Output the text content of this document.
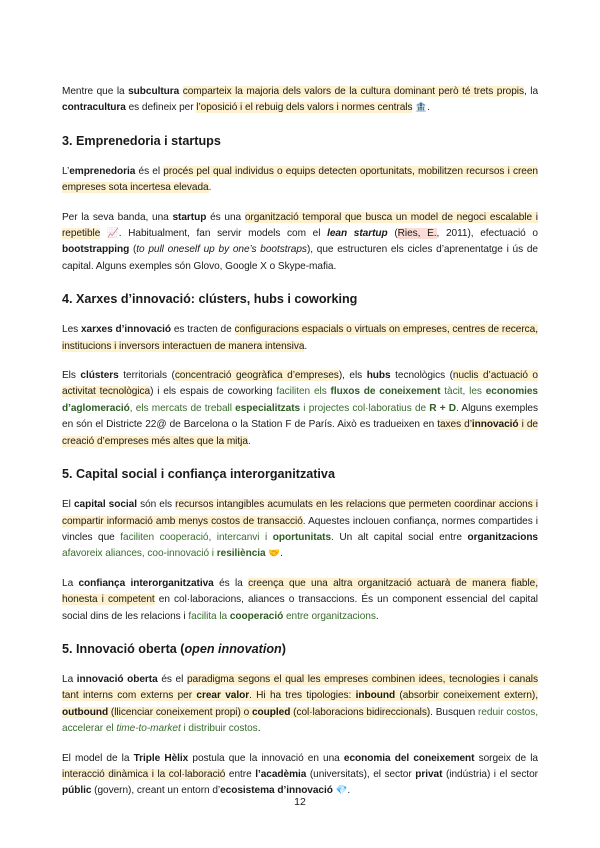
Mentre que la subcultura comparteix la majoria dels valors de la cultura dominant però té trets propis, la contracultura es defineix per l’oposició i el rebuig dels valors i normes centrals 🏦.

3. Emprenedoria i startups

L’emprenedoria és el procés pel qual individus o equips detecten oportunitats, mobilitzen recursos i creen empreses sota incertesa elevada.

Per la seva banda, una startup és una organització temporal que busca un model de negoci escalable i repetible 📈. Habitualment, fan servir models com el lean startup (Ries, E., 2011), efectuació o bootstrapping (to pull oneself up by one’s bootstraps), que estructuren els cicles d’aprenentatge i ús de capital. Alguns exemples són Glovo, Google X o Skype-mafia.

4. Xarxes d’innovació: clústers, hubs i coworking

Les xarxes d’innovació es tracten de configuracions espacials o virtuals on empreses, centres de recerca, institucions i inversors interactuen de manera intensiva.

Els clústers territorials (concentració geogràfica d’empreses), els hubs tecnològics (nuclis d’actuació o activitat tecnològica) i els espais de coworking faciliten els fluxos de coneixement tàcit, les economies d’aglomeració, els mercats de treball especialitzats i projectes col·laboratius de R + D. Alguns exemples en són el Districte 22@ de Barcelona o la Station F de París. Això es tradueixen en taxes d’innovació i de creació d’empreses més altes que la mitja.

5. Capital social i confiança interorganitzativa

El capital social són els recursos intangibles acumulats en les relacions que permeten coordinar accions i compartir informació amb menys costos de transacció. Aquestes inclouen confiança, normes compartides i vincles que faciliten cooperació, intercanvi i oportunitats. Un alt capital social entre organitzacions afavoreix aliances, coo-innovació i resiliència 🤝.

La confiança interorganitzativa és la creença que una altra organització actuarà de manera fiable, honesta i competent en col·laboracions, aliances o transaccions. És un component essencial del capital social dins de les relacions i facilita la cooperació entre organitzacions.

5. Innovació oberta (open innovation)

La innovació oberta és el paradigma segons el qual les empreses combinen idees, tecnologies i canals tant interns com externs per crear valor. Hi ha tres tipologies: inbound (absorbir coneixement extern), outbound (llicenciar coneixement propi) o coupled (col·laboracions bidireccionals). Busquen reduir costos, accelerar el time-to-market i distribuir costos.

El model de la Triple Hèlix postula que la innovació en una economia del coneixement sorgeix de la interacció dinàmica i la col·laboració entre l’acadèmia (universitats), el sector privat (indústria) i el sector públic (govern), creant un entorn d’ecosistema d’innovació 💎.

12
